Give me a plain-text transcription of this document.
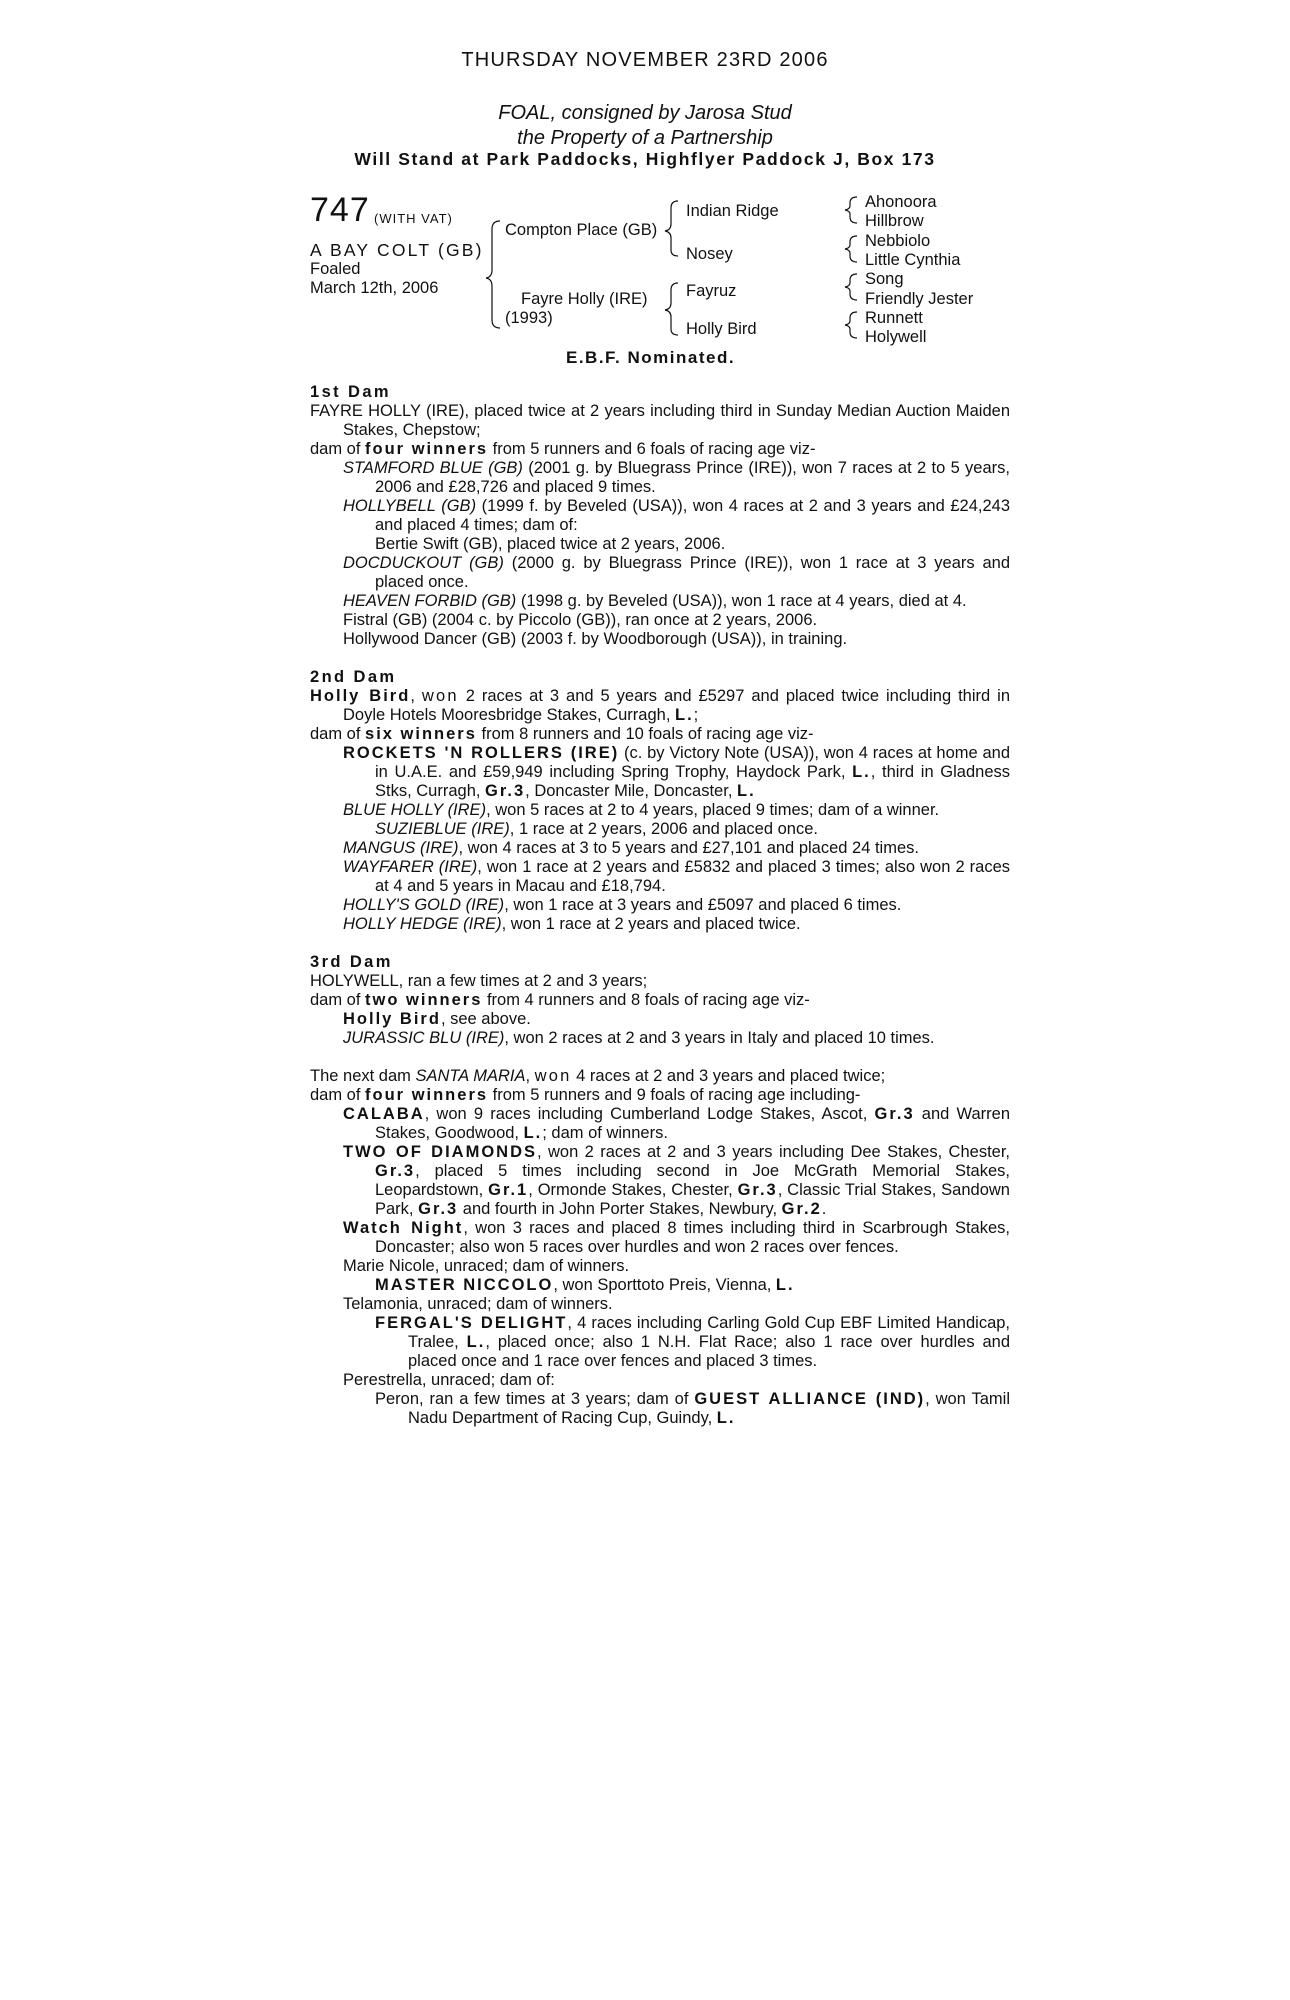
THURSDAY NOVEMBER 23RD 2006
FOAL, consigned by Jarosa Stud
the Property of a Partnership
Will Stand at Park Paddocks, Highflyer Paddock J, Box 173
747 (WITH VAT)
A BAY COLT (GB)
Foaled
March 12th, 2006
Compton Place (GB)
Fayre Holly (IRE)
(1993)
Indian Ridge
Nosey
Fayruz
Holly Bird
Ahonoora
Hillbrow
Nebbiolo
Little Cynthia
Song
Friendly Jester
Runnett
Holywell
E.B.F. Nominated.

1st Dam

FAYRE HOLLY (IRE), placed twice at 2 years including third in Sunday Median Auction Maiden Stakes, Chepstow;

dam of four winners from 5 runners and 6 foals of racing age viz-

STAMFORD BLUE (GB) (2001 g. by Bluegrass Prince (IRE)), won 7 races at 2 to 5 years, 2006 and £28,726 and placed 9 times.

HOLLYBELL (GB) (1999 f. by Beveled (USA)), won 4 races at 2 and 3 years and £24,243 and placed 4 times; dam of:

Bertie Swift (GB), placed twice at 2 years, 2006.

DOCDUCKOUT (GB) (2000 g. by Bluegrass Prince (IRE)), won 1 race at 3 years and placed once.

HEAVEN FORBID (GB) (1998 g. by Beveled (USA)), won 1 race at 4 years, died at 4.

Fistral (GB) (2004 c. by Piccolo (GB)), ran once at 2 years, 2006.

Hollywood Dancer (GB) (2003 f. by Woodborough (USA)), in training.

2nd Dam

Holly Bird, won 2 races at 3 and 5 years and £5297 and placed twice including third in Doyle Hotels Mooresbridge Stakes, Curragh, L.;

dam of six winners from 8 runners and 10 foals of racing age viz-

ROCKETS 'N ROLLERS (IRE) (c. by Victory Note (USA)), won 4 races at home and in U.A.E. and £59,949 including Spring Trophy, Haydock Park, L., third in Gladness Stks, Curragh, Gr.3, Doncaster Mile, Doncaster, L.

BLUE HOLLY (IRE), won 5 races at 2 to 4 years, placed 9 times; dam of a winner.

SUZIEBLUE (IRE), 1 race at 2 years, 2006 and placed once.

MANGUS (IRE), won 4 races at 3 to 5 years and £27,101 and placed 24 times.

WAYFARER (IRE), won 1 race at 2 years and £5832 and placed 3 times; also won 2 races at 4 and 5 years in Macau and £18,794.

HOLLY'S GOLD (IRE), won 1 race at 3 years and £5097 and placed 6 times.

HOLLY HEDGE (IRE), won 1 race at 2 years and placed twice.

3rd Dam

HOLYWELL, ran a few times at 2 and 3 years;

dam of two winners from 4 runners and 8 foals of racing age viz-

Holly Bird, see above.

JURASSIC BLU (IRE), won 2 races at 2 and 3 years in Italy and placed 10 times.

The next dam SANTA MARIA, won 4 races at 2 and 3 years and placed twice;

dam of four winners from 5 runners and 9 foals of racing age including-

CALABA, won 9 races including Cumberland Lodge Stakes, Ascot, Gr.3 and Warren Stakes, Goodwood, L.; dam of winners.

TWO OF DIAMONDS, won 2 races at 2 and 3 years including Dee Stakes, Chester, Gr.3, placed 5 times including second in Joe McGrath Memorial Stakes, Leopardstown, Gr.1, Ormonde Stakes, Chester, Gr.3, Classic Trial Stakes, Sandown Park, Gr.3 and fourth in John Porter Stakes, Newbury, Gr.2.

Watch Night, won 3 races and placed 8 times including third in Scarbrough Stakes, Doncaster; also won 5 races over hurdles and won 2 races over fences.

Marie Nicole, unraced; dam of winners.

MASTER NICCOLO, won Sporttoto Preis, Vienna, L.

Telamonia, unraced; dam of winners.

FERGAL'S DELIGHT, 4 races including Carling Gold Cup EBF Limited Handicap, Tralee, L., placed once; also 1 N.H. Flat Race; also 1 race over hurdles and placed once and 1 race over fences and placed 3 times.

Perestrella, unraced; dam of:

Peron, ran a few times at 3 years; dam of GUEST ALLIANCE (IND), won Tamil Nadu Department of Racing Cup, Guindy, L.
